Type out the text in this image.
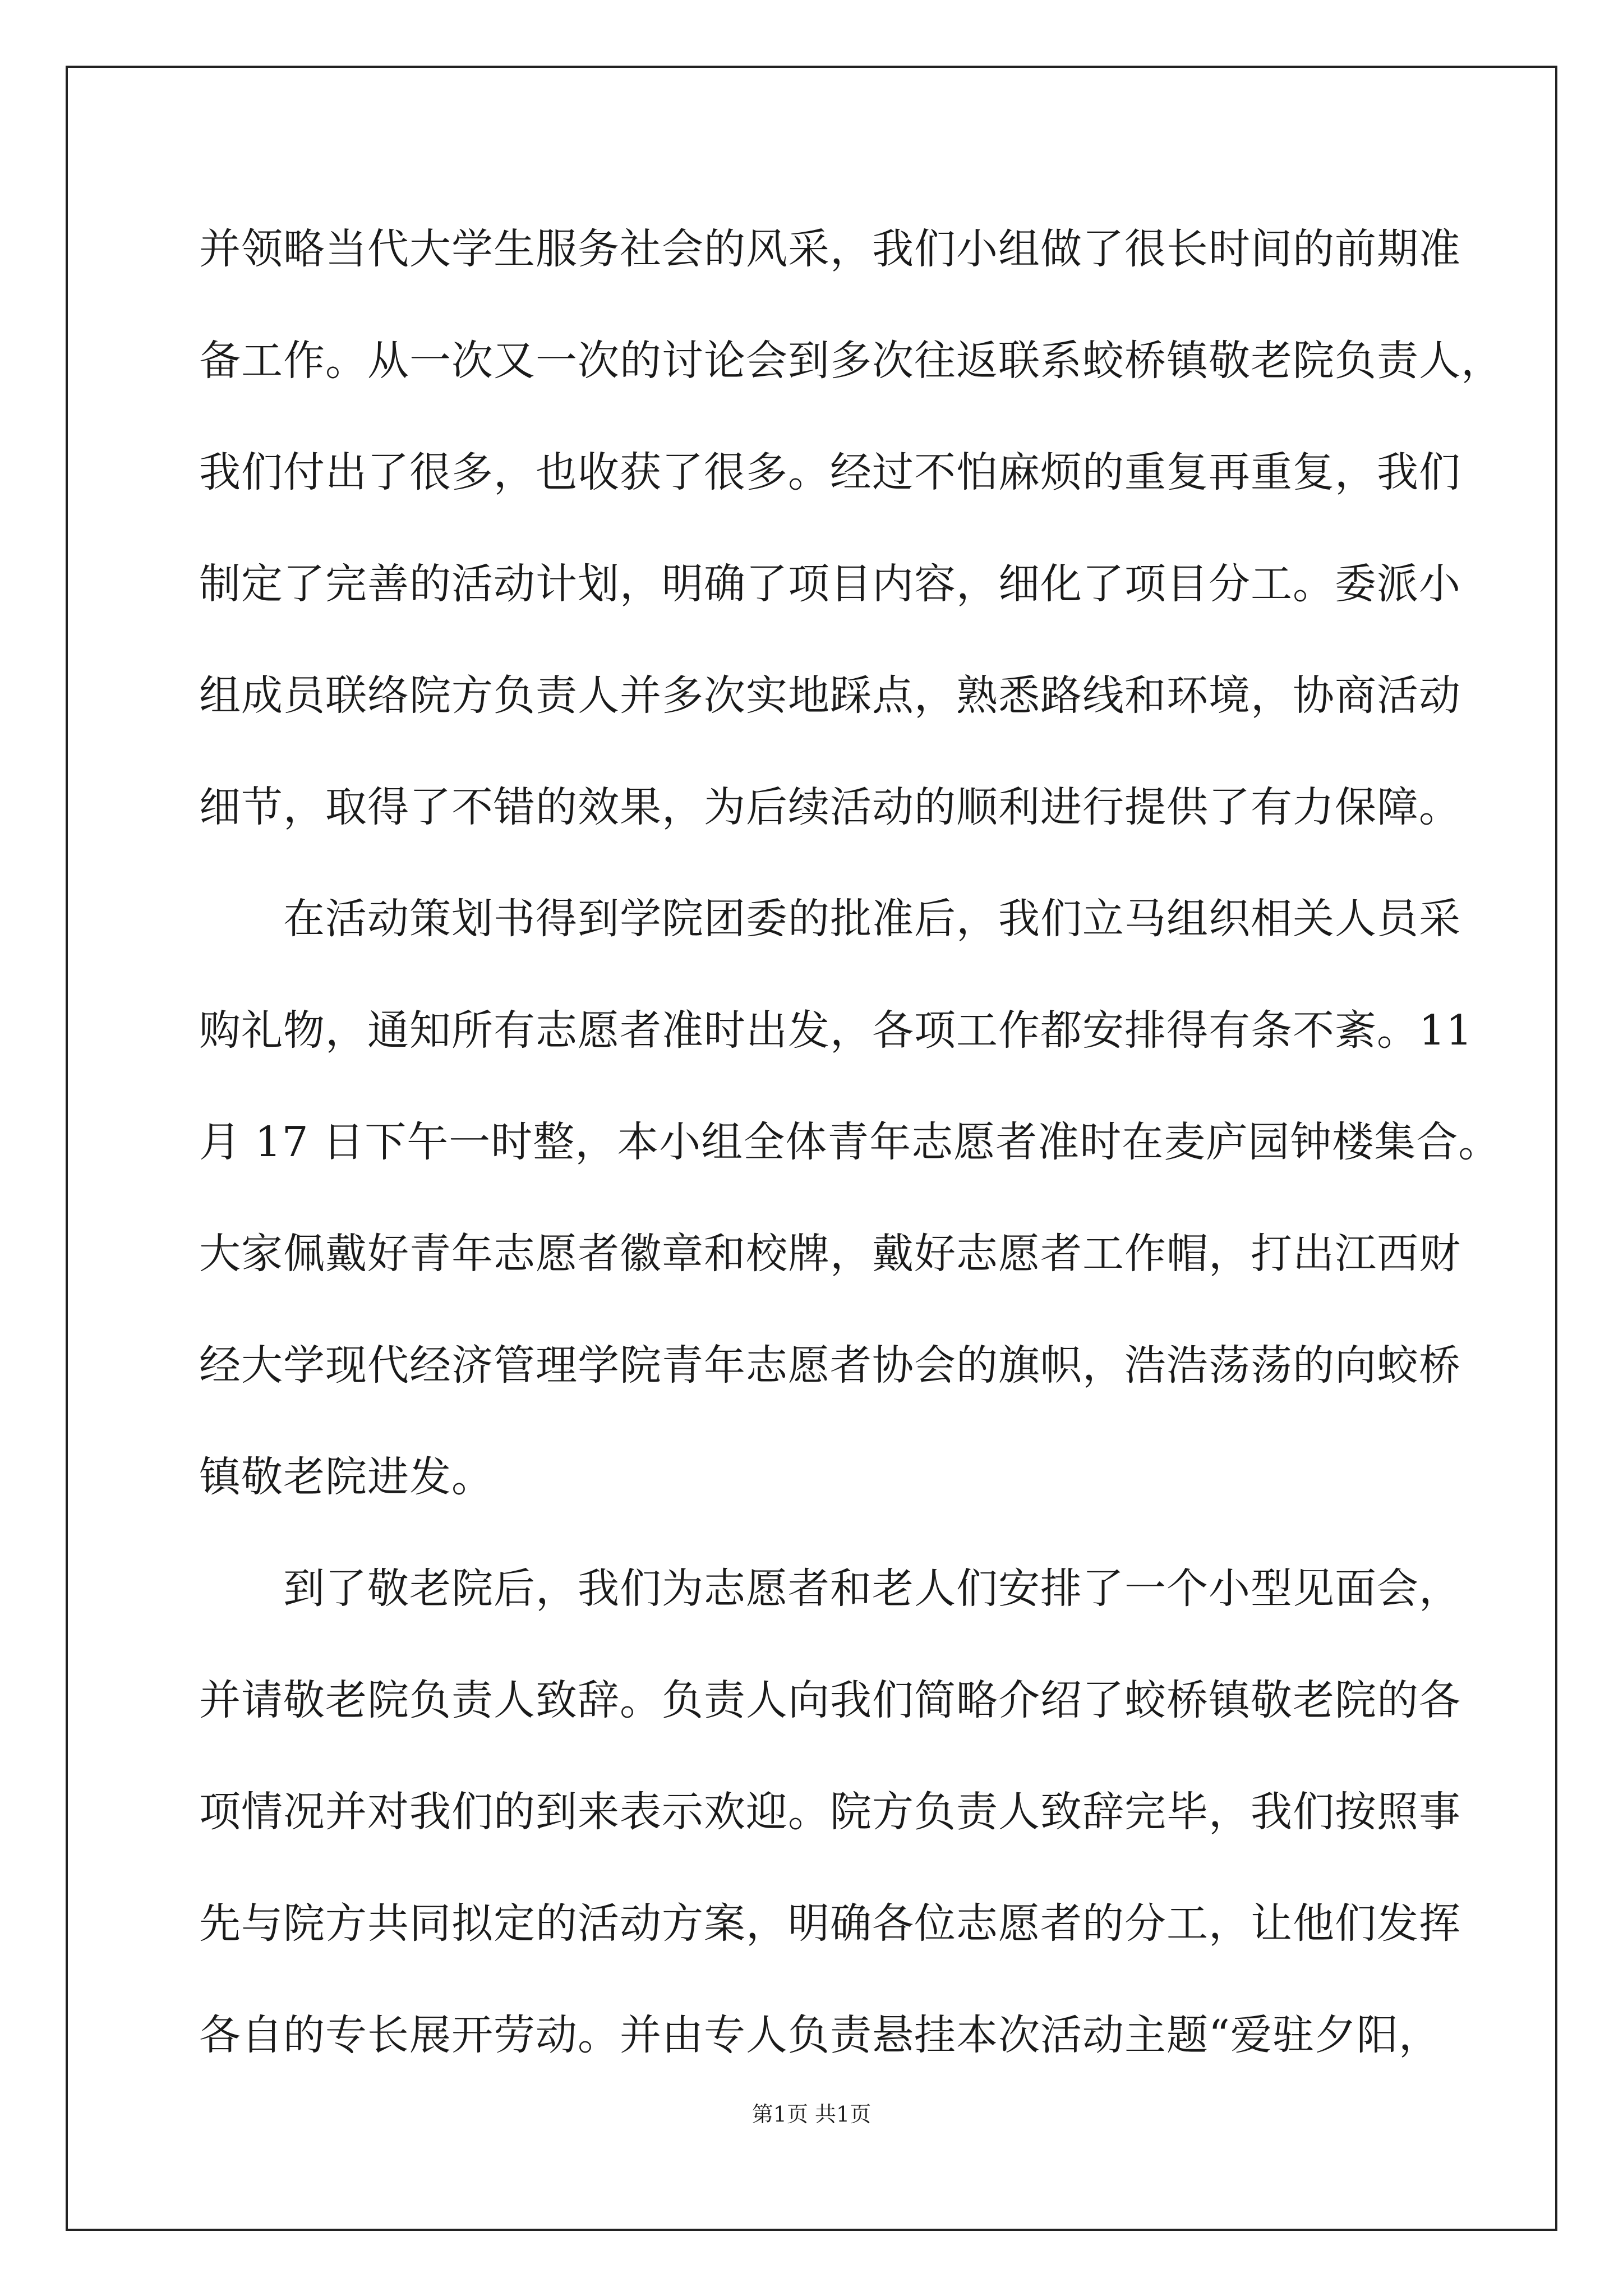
并领略当代大学生服务社会的风采，我们小组做了很长时间的前期准
备工作。从一次又一次的讨论会到多次往返联系蛟桥镇敬老院负责人，
我们付出了很多，也收获了很多。经过不怕麻烦的重复再重复，我们
制定了完善的活动计划，明确了项目内容，细化了项目分工。委派小
组成员联络院方负责人并多次实地踩点，熟悉路线和环境，协商活动
细节，取得了不错的效果，为后续活动的顺利进行提供了有力保障。
在活动策划书得到学院团委的批准后，我们立马组织相关人员采
购礼物，通知所有志愿者准时出发，各项工作都安排得有条不紊。11
月 17 日下午一时整，本小组全体青年志愿者准时在麦庐园钟楼集合。
大家佩戴好青年志愿者徽章和校牌，戴好志愿者工作帽，打出江西财
经大学现代经济管理学院青年志愿者协会的旗帜，浩浩荡荡的向蛟桥
镇敬老院进发。
到了敬老院后，我们为志愿者和老人们安排了一个小型见面会，
并请敬老院负责人致辞。负责人向我们简略介绍了蛟桥镇敬老院的各
项情况并对我们的到来表示欢迎。院方负责人致辞完毕，我们按照事
先与院方共同拟定的活动方案，明确各位志愿者的分工，让他们发挥
各自的专长展开劳动。并由专人负责悬挂本次活动主题“爱驻夕阳，
第1页 共1页
